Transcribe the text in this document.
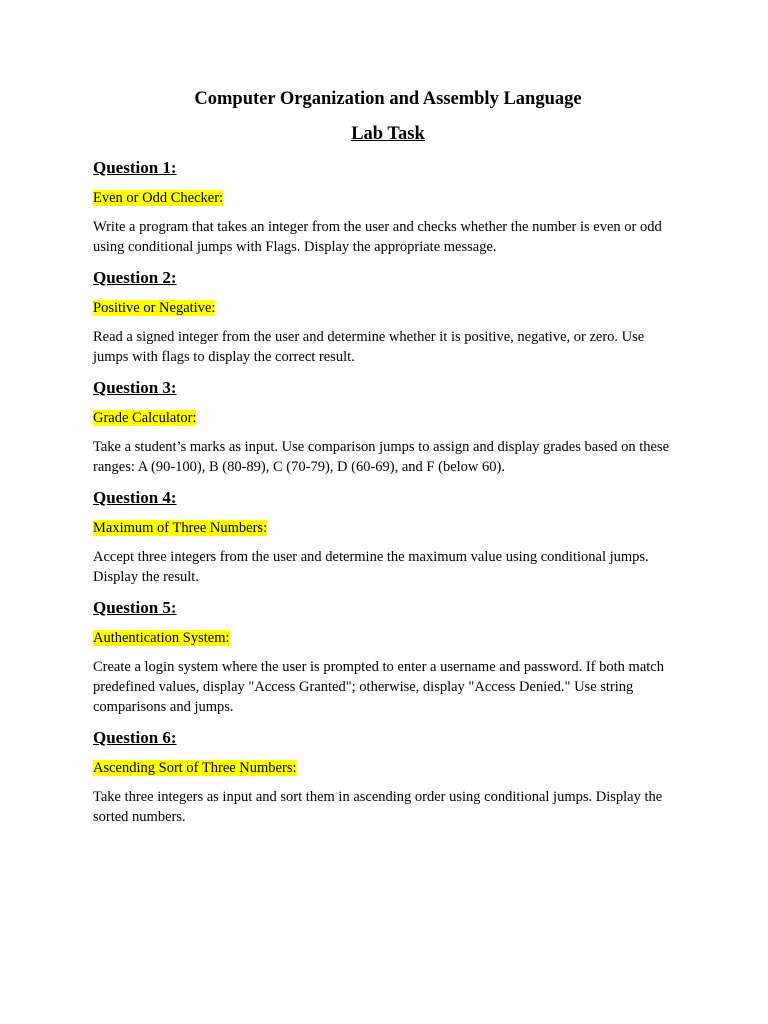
Computer Organization and Assembly Language
Lab Task

Question 1:

Even or Odd Checker:

Write a program that takes an integer from the user and checks whether the number is even or odd using conditional jumps with Flags. Display the appropriate message.

Question 2:

Positive or Negative:

Read a signed integer from the user and determine whether it is positive, negative, or zero. Use jumps with flags to display the correct result.

Question 3:

Grade Calculator:

Take a student’s marks as input. Use comparison jumps to assign and display grades based on these ranges: A (90-100), B (80-89), C (70-79), D (60-69), and F (below 60).

Question 4:

Maximum of Three Numbers:

Accept three integers from the user and determine the maximum value using conditional jumps. Display the result.

Question 5:

Authentication System:

Create a login system where the user is prompted to enter a username and password. If both match predefined values, display "Access Granted"; otherwise, display "Access Denied." Use string comparisons and jumps.

Question 6:

Ascending Sort of Three Numbers:

Take three integers as input and sort them in ascending order using conditional jumps. Display the sorted numbers.
